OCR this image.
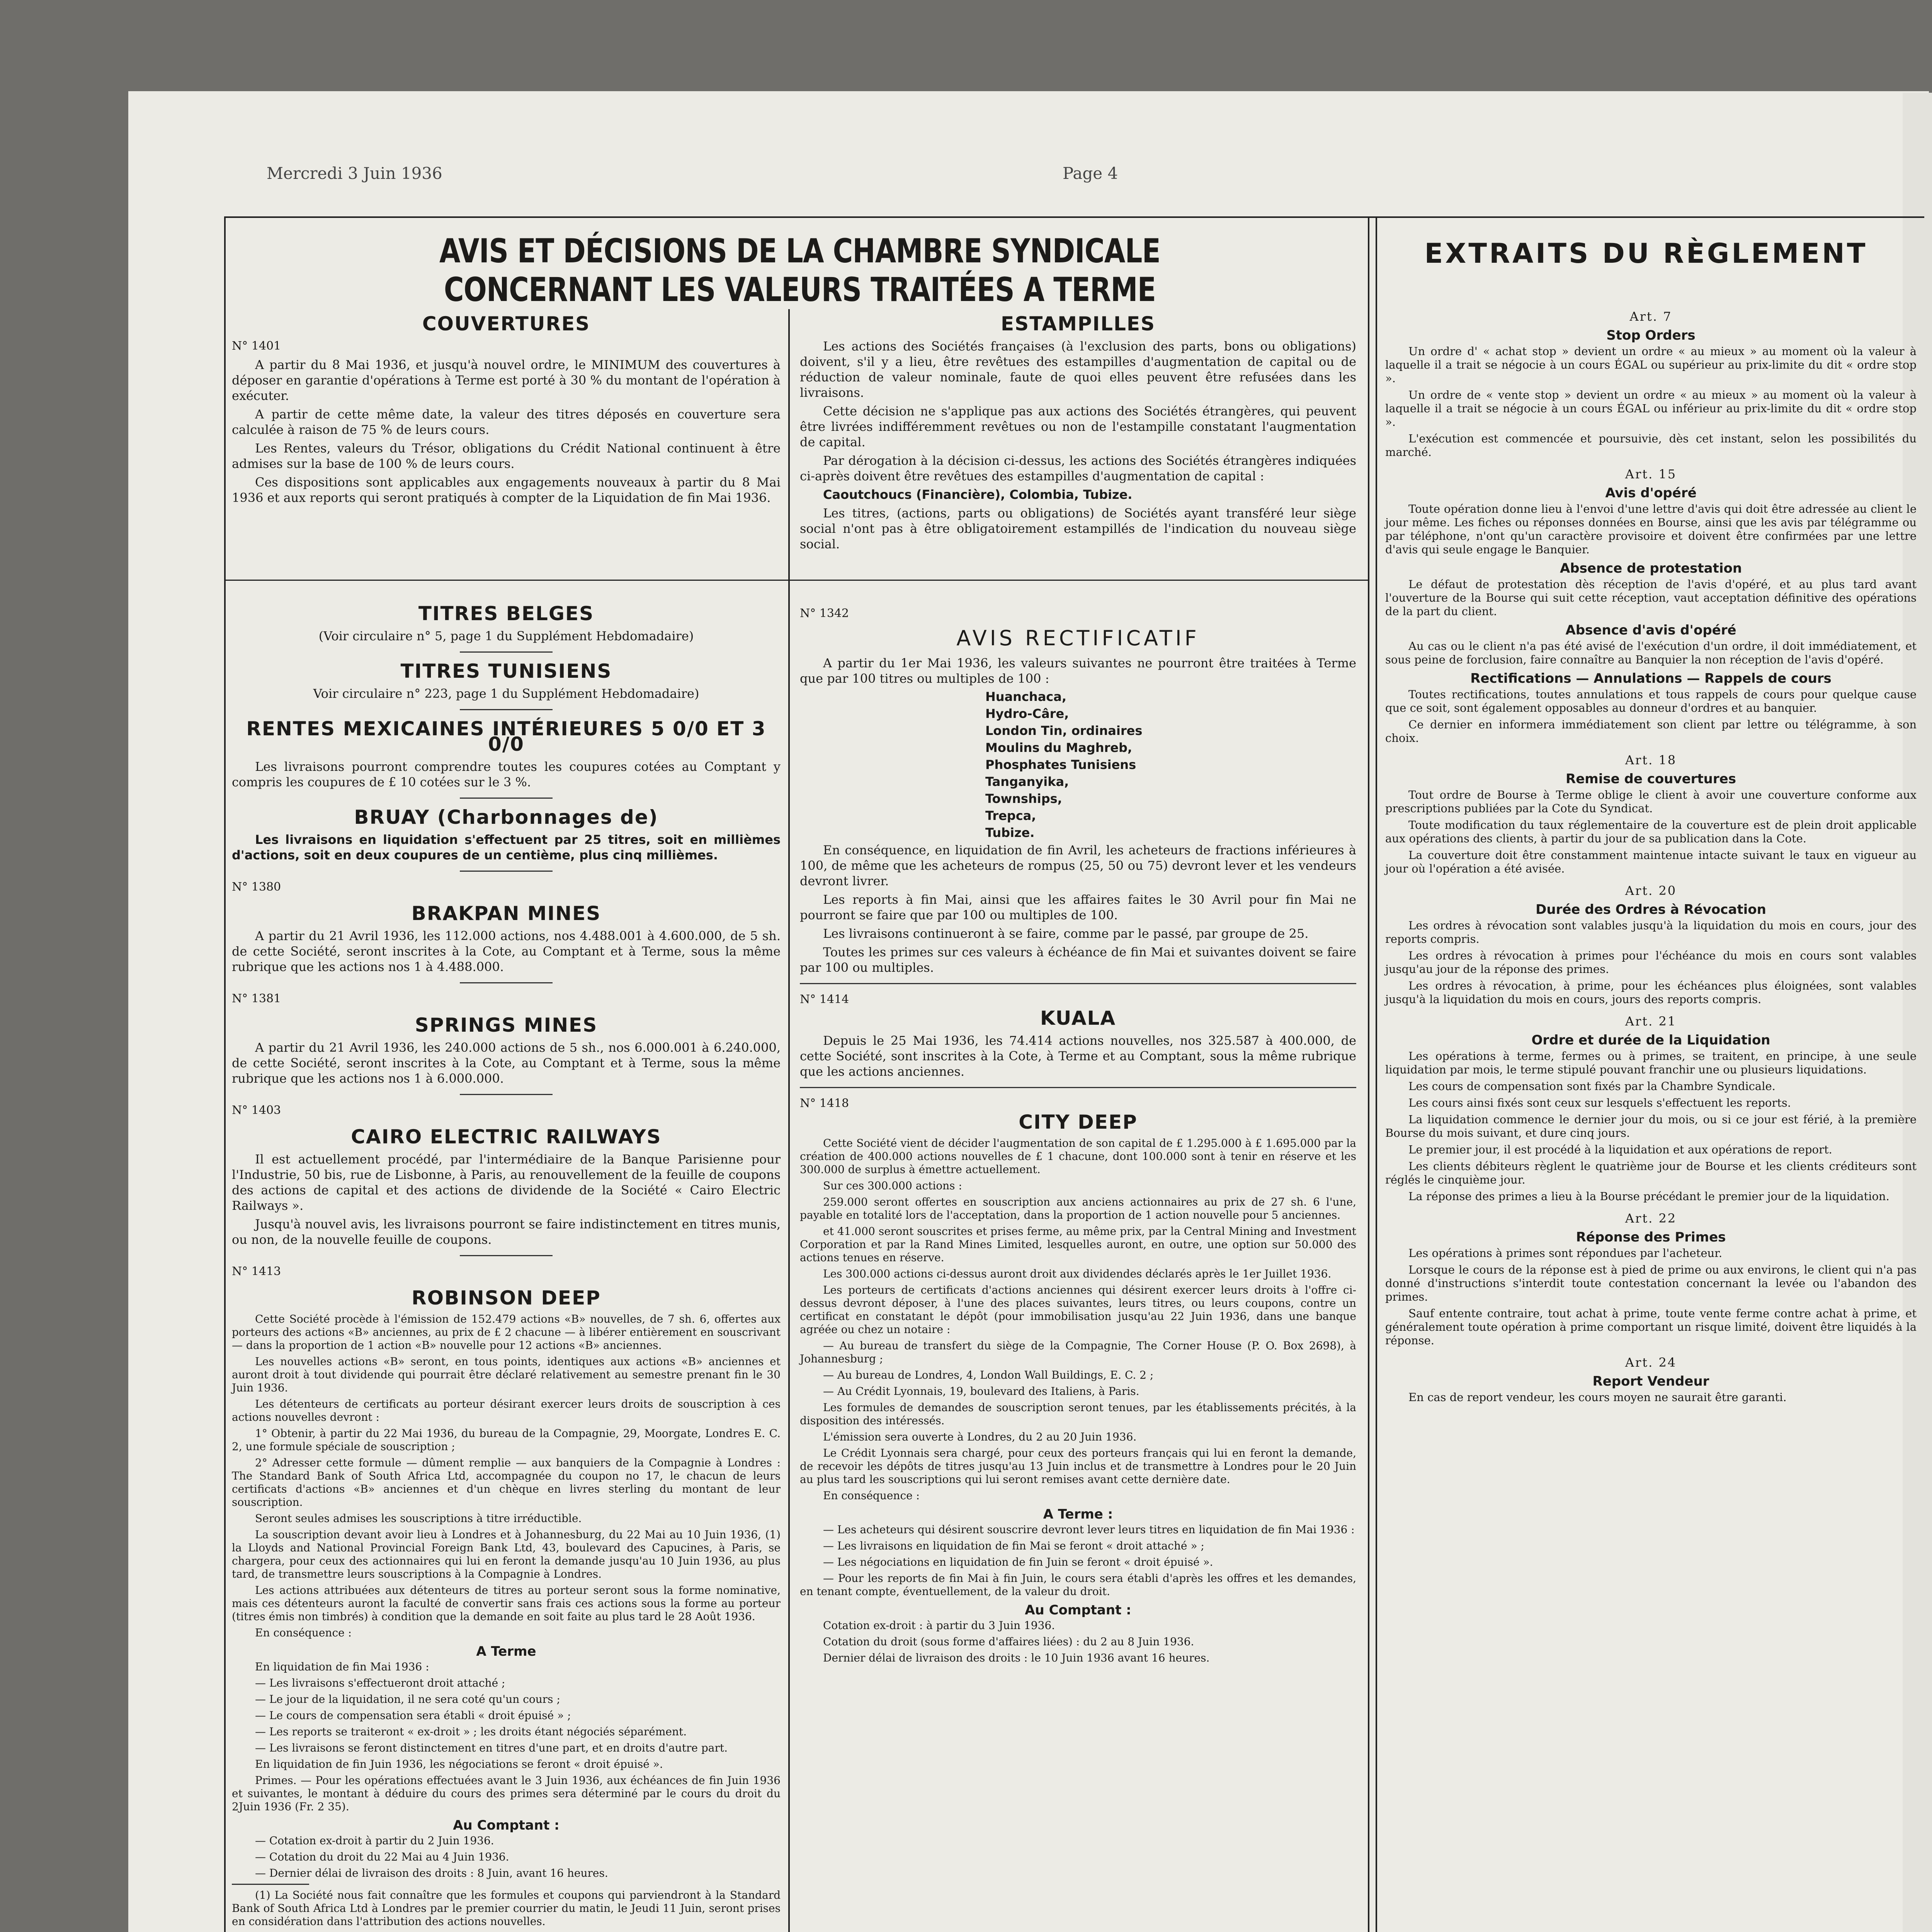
Mercredi 3 Juin 1936	Page 4
AVIS ET DÉCISIONS DE LA CHAMBRE SYNDICALE CONCERNANT LES VALEURS TRAITÉES A TERME
EXTRAITS DU RÈGLEMENT
COUVERTURES

N° 1401

A partir du 8 Mai 1936, et jusqu'à nouvel ordre, le MINIMUM des couvertures à déposer en garantie d'opérations à Terme est porté à 30 % du montant de l'opération à exécuter.

A partir de cette même date, la valeur des titres déposés en couverture sera calculée à raison de 75 % de leurs cours.

Les Rentes, valeurs du Trésor, obligations du Crédit National continuent à être admises sur la base de 100 % de leurs cours.

Ces dispositions sont applicables aux engagements nouveaux à partir du 8 Mai 1936 et aux reports qui seront pratiqués à compter de la Liquidation de fin Mai 1936.

ESTAMPILLES

Les actions des Sociétés françaises (à l'exclusion des parts, bons ou obligations) doivent, s'il y a lieu, être revêtues des estampilles d'augmentation de capital ou de réduction de valeur nominale, faute de quoi elles peuvent être refusées dans les livraisons.

Cette décision ne s'applique pas aux actions des Sociétés étrangères, qui peuvent être livrées indifféremment revêtues ou non de l'estampille constatant l'augmentation de capital.

Par dérogation à la décision ci-dessus, les actions des Sociétés étrangères indiquées ci-après doivent être revêtues des estampilles d'augmentation de capital :

Caoutchoucs (Financière), Colombia, Tubize.

Les titres, (actions, parts ou obligations) de Sociétés ayant transféré leur siège social n'ont pas à être obligatoirement estampillés de l'indication du nouveau siège social.

TITRES BELGES

(Voir circulaire n° 5, page 1 du Supplément Hebdomadaire)

TITRES TUNISIENS

Voir circulaire n° 223, page 1 du Supplément Hebdomadaire)

RENTES MEXICAINES INTÉRIEURES 5 0/0 ET 3 0/0

Les livraisons pourront comprendre toutes les coupures cotées au Comptant y compris les coupures de £ 10 cotées sur le 3 %.

BRUAY (Charbonnages de)

Les livraisons en liquidation s'effectuent par 25 titres, soit en millièmes d'actions, soit en deux coupures de un centième, plus cinq millièmes.

N° 1380

BRAKPAN MINES

A partir du 21 Avril 1936, les 112.000 actions, nos 4.488.001 à 4.600.000, de 5 sh. de cette Société, seront inscrites à la Cote, au Comptant et à Terme, sous la même rubrique que les actions nos 1 à 4.488.000.

N° 1381

SPRINGS MINES

A partir du 21 Avril 1936, les 240.000 actions de 5 sh., nos 6.000.001 à 6.240.000, de cette Société, seront inscrites à la Cote, au Comptant et à Terme, sous la même rubrique que les actions nos 1 à 6.000.000.

N° 1403

CAIRO ELECTRIC RAILWAYS

Il est actuellement procédé, par l'intermédiaire de la Banque Parisienne pour l'Industrie, 50 bis, rue de Lisbonne, à Paris, au renouvellement de la feuille de coupons des actions de capital et des actions de dividende de la Société « Cairo Electric Railways ».

Jusqu'à nouvel avis, les livraisons pourront se faire indistinctement en titres munis, ou non, de la nouvelle feuille de coupons.

N° 1413

ROBINSON DEEP

Cette Société procède à l'émission de 152.479 actions «B» nouvelles, de 7 sh. 6, offertes aux porteurs des actions «B» anciennes, au prix de £ 2 chacune — à libérer entièrement en souscrivant — dans la proportion de 1 action «B» nouvelle pour 12 actions «B» anciennes.

Les nouvelles actions «B» seront, en tous points, identiques aux actions «B» anciennes et auront droit à tout dividende qui pourrait être déclaré relativement au semestre prenant fin le 30 Juin 1936.

Les détenteurs de certificats au porteur désirant exercer leurs droits de souscription à ces actions nouvelles devront :

1° Obtenir, à partir du 22 Mai 1936, du bureau de la Compagnie, 29, Moorgate, Londres E. C. 2, une formule spéciale de souscription ;

2° Adresser cette formule — dûment remplie — aux banquiers de la Compagnie à Londres : The Standard Bank of South Africa Ltd, accompagnée du coupon no 17, le chacun de leurs certificats d'actions «B» anciennes et d'un chèque en livres sterling du montant de leur souscription.

Seront seules admises les souscriptions à titre irréductible.

La souscription devant avoir lieu à Londres et à Johannesburg, du 22 Mai au 10 Juin 1936, (1) la Lloyds and National Provincial Foreign Bank Ltd, 43, boulevard des Capucines, à Paris, se chargera, pour ceux des actionnaires qui lui en feront la demande jusqu'au 10 Juin 1936, au plus tard, de transmettre leurs souscriptions à la Compagnie à Londres.

Les actions attribuées aux détenteurs de titres au porteur seront sous la forme nominative, mais ces détenteurs auront la faculté de convertir sans frais ces actions sous la forme au porteur (titres émis non timbrés) à condition que la demande en soit faite au plus tard le 28 Août 1936.

En conséquence :

A Terme

En liquidation de fin Mai 1936 :

— Les livraisons s'effectueront droit attaché ;

— Le jour de la liquidation, il ne sera coté qu'un cours ;

— Le cours de compensation sera établi « droit épuisé » ;

— Les reports se traiteront « ex-droit » ; les droits étant négociés séparément.

— Les livraisons se feront distinctement en titres d'une part, et en droits d'autre part.

En liquidation de fin Juin 1936, les négociations se feront « droit épuisé ».

Primes. — Pour les opérations effectuées avant le 3 Juin 1936, aux échéances de fin Juin 1936 et suivantes, le montant à déduire du cours des primes sera déterminé par le cours du droit du 2Juin 1936 (Fr. 2 35).

Au Comptant :

— Cotation ex-droit à partir du 2 Juin 1936.

— Cotation du droit du 22 Mai au 4 Juin 1936.

— Dernier délai de livraison des droits : 8 Juin, avant 16 heures.

(1) La Société nous fait connaître que les formules et coupons qui parviendront à la Standard Bank of South Africa Ltd à Londres par le premier courrier du matin, le Jeudi 11 Juin, seront prises en considération dans l'attribution des actions nouvelles.

N° 1342

AVIS RECTIFICATIF

A partir du 1er Mai 1936, les valeurs suivantes ne pourront être traitées à Terme que par 100 titres ou multiples de 100 :

Huanchaca,

Hydro-Câre,

London Tin, ordinaires

Moulins du Maghreb,

Phosphates Tunisiens

Tanganyika,

Townships,

Trepca,

Tubize.

En conséquence, en liquidation de fin Avril, les acheteurs de fractions inférieures à 100, de même que les acheteurs de rompus (25, 50 ou 75) devront lever et les vendeurs devront livrer.

Les reports à fin Mai, ainsi que les affaires faites le 30 Avril pour fin Mai ne pourront se faire que par 100 ou multiples de 100.

Les livraisons continueront à se faire, comme par le passé, par groupe de 25.

Toutes les primes sur ces valeurs à échéance de fin Mai et suivantes doivent se faire par 100 ou multiples.

N° 1414

KUALA

Depuis le 25 Mai 1936, les 74.414 actions nouvelles, nos 325.587 à 400.000, de cette Société, sont inscrites à la Cote, à Terme et au Comptant, sous la même rubrique que les actions anciennes.

N° 1418

CITY DEEP

Cette Société vient de décider l'augmentation de son capital de £ 1.295.000 à £ 1.695.000 par la création de 400.000 actions nouvelles de £ 1 chacune, dont 100.000 sont à tenir en réserve et les 300.000 de surplus à émettre actuellement.

Sur ces 300.000 actions :

259.000 seront offertes en souscription aux anciens actionnaires au prix de 27 sh. 6 l'une, payable en totalité lors de l'acceptation, dans la proportion de 1 action nouvelle pour 5 anciennes.

et 41.000 seront souscrites et prises ferme, au même prix, par la Central Mining and Investment Corporation et par la Rand Mines Limited, lesquelles auront, en outre, une option sur 50.000 des actions tenues en réserve.

Les 300.000 actions ci-dessus auront droit aux dividendes déclarés après le 1er Juillet 1936.

Les porteurs de certificats d'actions anciennes qui désirent exercer leurs droits à l'offre ci-dessus devront déposer, à l'une des places suivantes, leurs titres, ou leurs coupons, contre un certificat en constatant le dépôt (pour immobilisation jusqu'au 22 Juin 1936, dans une banque agréée ou chez un notaire :

— Au bureau de transfert du siège de la Compagnie, The Corner House (P. O. Box 2698), à Johannesburg ;

— Au bureau de Londres, 4, London Wall Buildings, E. C. 2 ;

— Au Crédit Lyonnais, 19, boulevard des Italiens, à Paris.

Les formules de demandes de souscription seront tenues, par les établissements précités, à la disposition des intéressés.

L'émission sera ouverte à Londres, du 2 au 20 Juin 1936.

Le Crédit Lyonnais sera chargé, pour ceux des porteurs français qui lui en feront la demande, de recevoir les dépôts de titres jusqu'au 13 Juin inclus et de transmettre à Londres pour le 20 Juin au plus tard les souscriptions qui lui seront remises avant cette dernière date.

En conséquence :

A Terme :

— Les acheteurs qui désirent souscrire devront lever leurs titres en liquidation de fin Mai 1936 :

— Les livraisons en liquidation de fin Mai se feront « droit attaché » ;

— Les négociations en liquidation de fin Juin se feront « droit épuisé ».

— Pour les reports de fin Mai à fin Juin, le cours sera établi d'après les offres et les demandes, en tenant compte, éventuellement, de la valeur du droit.

Au Comptant :

Cotation ex-droit : à partir du 3 Juin 1936.

Cotation du droit (sous forme d'affaires liées) : du 2 au 8 Juin 1936.

Dernier délai de livraison des droits : le 10 Juin 1936 avant 16 heures.

Art. 7

Stop Orders

Un ordre d' « achat stop » devient un ordre « au mieux » au moment où la valeur à laquelle il a trait se négocie à un cours ÉGAL ou supérieur au prix-limite du dit « ordre stop ».

Un ordre de « vente stop » devient un ordre « au mieux » au moment où la valeur à laquelle il a trait se négocie à un cours ÉGAL ou inférieur au prix-limite du dit « ordre stop ».

L'exécution est commencée et poursuivie, dès cet instant, selon les possibilités du marché.

Art. 15

Avis d'opéré

Toute opération donne lieu à l'envoi d'une lettre d'avis qui doit être adressée au client le jour même. Les fiches ou réponses données en Bourse, ainsi que les avis par télégramme ou par téléphone, n'ont qu'un caractère provisoire et doivent être confirmées par une lettre d'avis qui seule engage le Banquier.

Absence de protestation

Le défaut de protestation dès réception de l'avis d'opéré, et au plus tard avant l'ouverture de la Bourse qui suit cette réception, vaut acceptation définitive des opérations de la part du client.

Absence d'avis d'opéré

Au cas ou le client n'a pas été avisé de l'exécution d'un ordre, il doit immédiatement, et sous peine de forclusion, faire connaître au Banquier la non réception de l'avis d'opéré.

Rectifications — Annulations — Rappels de cours

Toutes rectifications, toutes annulations et tous rappels de cours pour quelque cause que ce soit, sont également opposables au donneur d'ordres et au banquier.

Ce dernier en informera immédiatement son client par lettre ou télégramme, à son choix.

Art. 18

Remise de couvertures

Tout ordre de Bourse à Terme oblige le client à avoir une couverture conforme aux prescriptions publiées par la Cote du Syndicat.

Toute modification du taux réglementaire de la couverture est de plein droit applicable aux opérations des clients, à partir du jour de sa publication dans la Cote.

La couverture doit être constamment maintenue intacte suivant le taux en vigueur au jour où l'opération a été avisée.

Art. 20

Durée des Ordres à Révocation

Les ordres à révocation sont valables jusqu'à la liquidation du mois en cours, jour des reports compris.

Les ordres à révocation à primes pour l'échéance du mois en cours sont valables jusqu'au jour de la réponse des primes.

Les ordres à révocation, à prime, pour les échéances plus éloignées, sont valables jusqu'à la liquidation du mois en cours, jours des reports compris.

Art. 21

Ordre et durée de la Liquidation

Les opérations à terme, fermes ou à primes, se traitent, en principe, à une seule liquidation par mois, le terme stipulé pouvant franchir une ou plusieurs liquidations.

Les cours de compensation sont fixés par la Chambre Syndicale.

Les cours ainsi fixés sont ceux sur lesquels s'effectuent les reports.

La liquidation commence le dernier jour du mois, ou si ce jour est férié, à la première Bourse du mois suivant, et dure cinq jours.

Le premier jour, il est procédé à la liquidation et aux opérations de report.

Les clients débiteurs règlent le quatrième jour de Bourse et les clients créditeurs sont réglés le cinquième jour.

La réponse des primes a lieu à la Bourse précédant le premier jour de la liquidation.

Art. 22

Réponse des Primes

Les opérations à primes sont répondues par l'acheteur.

Lorsque le cours de la réponse est à pied de prime ou aux environs, le client qui n'a pas donné d'instructions s'interdit toute contestation concernant la levée ou l'abandon des primes.

Sauf entente contraire, tout achat à prime, toute vente ferme contre achat à prime, et généralement toute opération à prime comportant un risque limité, doivent être liquidés à la réponse.

Art. 24

Report Vendeur

En cas de report vendeur, les cours moyen ne saurait être garanti.
